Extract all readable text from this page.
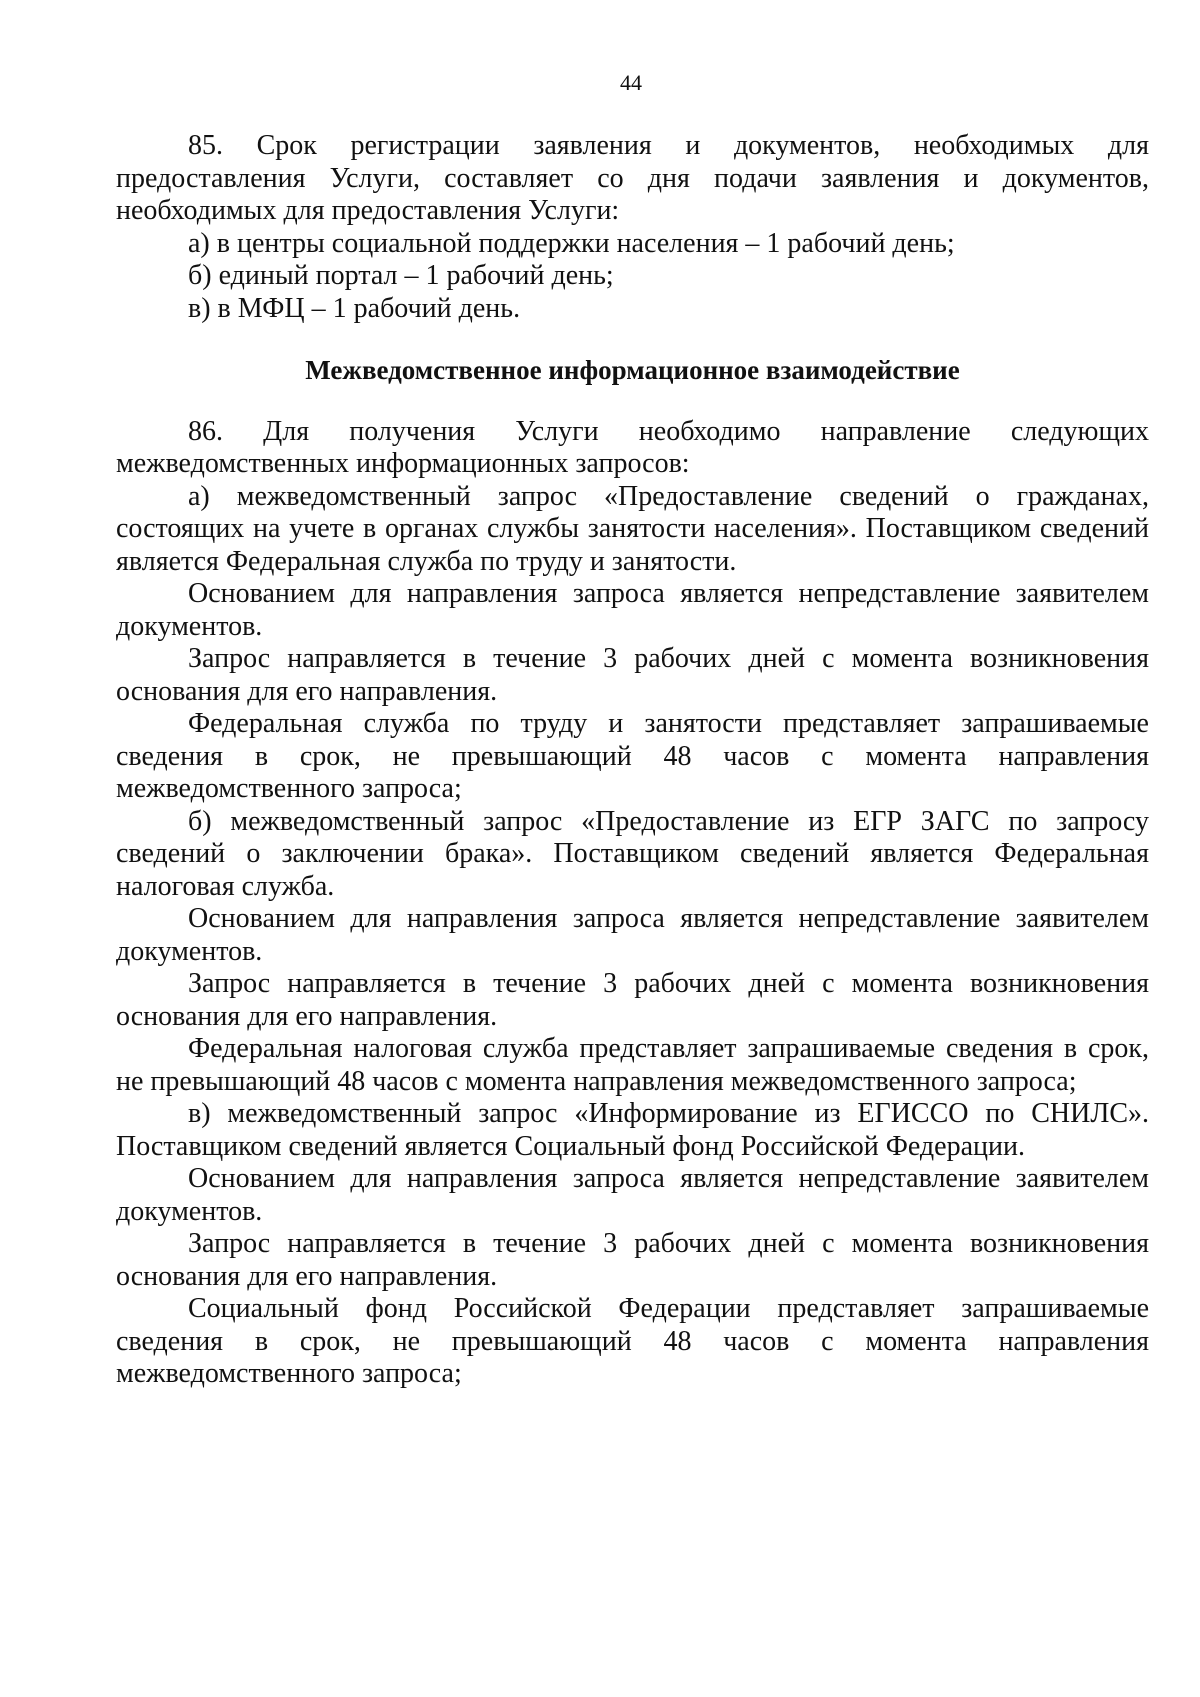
44

85. Срок регистрации заявления и документов, необходимых для предоставления Услуги, составляет со дня подачи заявления и документов, необходимых для предоставления Услуги:

а) в центры социальной поддержки населения – 1 рабочий день;

б) единый портал – 1 рабочий день;

в) в МФЦ – 1 рабочий день.

Межведомственное информационное взаимодействие

86. Для получения Услуги необходимо направление следующих межведомственных информационных запросов:

а) межведомственный запрос «Предоставление сведений о гражданах, состоящих на учете в органах службы занятости населения». Поставщиком сведений является Федеральная служба по труду и занятости.

Основанием для направления запроса является непредставление заявителем документов.

Запрос направляется в течение 3 рабочих дней с момента возникновения основания для его направления.

Федеральная служба по труду и занятости представляет запрашиваемые сведения в срок, не превышающий 48 часов с момента направления межведомственного запроса;

б) межведомственный запрос «Предоставление из ЕГР ЗАГС по запросу сведений о заключении брака». Поставщиком сведений является Федеральная налоговая служба.

Основанием для направления запроса является непредставление заявителем документов.

Запрос направляется в течение 3 рабочих дней с момента возникновения основания для его направления.

Федеральная налоговая служба представляет запрашиваемые сведения в срок, не превышающий 48 часов с момента направления межведомственного запроса;

в) межведомственный запрос «Информирование из ЕГИССО по СНИЛС». Поставщиком сведений является Социальный фонд Российской Федерации.

Основанием для направления запроса является непредставление заявителем документов.

Запрос направляется в течение 3 рабочих дней с момента возникновения основания для его направления.

Социальный фонд Российской Федерации представляет запрашиваемые сведения в срок, не превышающий 48 часов с момента направления межведомственного запроса;
